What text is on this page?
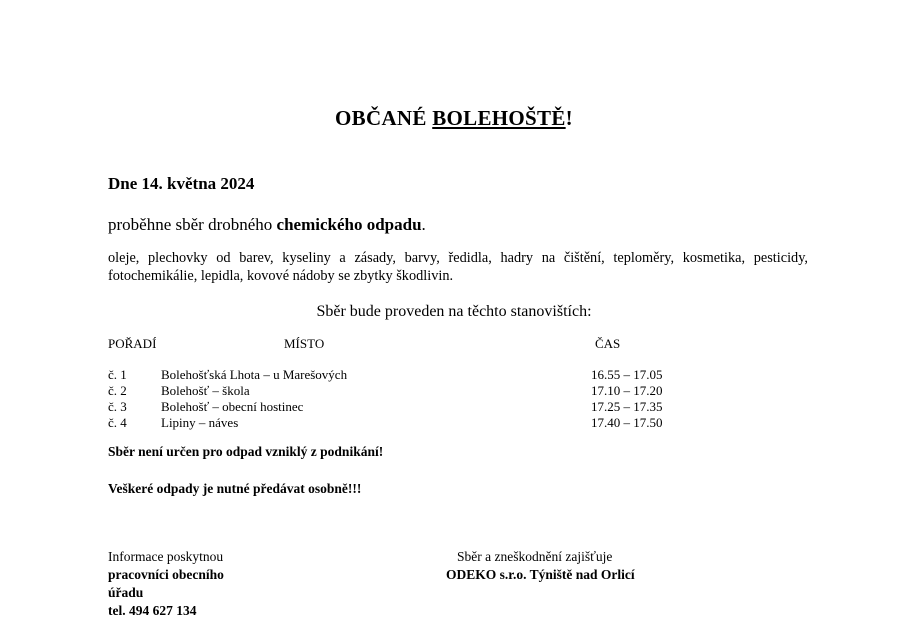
OBČANÉ BOLEHOŠTĚ!
Dne 14. května 2024
proběhne sběr drobného chemického odpadu.
oleje, plechovky od barev, kyseliny a zásady, barvy, ředidla, hadry na čištění, teploměry, kosmetika, pesticidy, fotochemikálie, lepidla, kovové nádoby se zbytky škodlivin.
Sběr bude proveden na těchto stanovištích:
POŘADÍ	MÍSTO	ČAS
č. 1	Bolehošťská Lhota – u Marešových	16.55 – 17.05
č. 2	Bolehošť – škola	17.10 – 17.20
č. 3	Bolehošť – obecní hostinec	17.25 – 17.35
č. 4	Lipiny – náves	17.40 – 17.50
Sběr není určen pro odpad vzniklý z podnikání!
Veškeré odpady je nutné předávat osobně!!!
Informace poskytnou
pracovníci obecního
úřadu
tel. 494 627 134
Sběr a zneškodnění zajišťuje
ODEKO s.r.o. Týniště nad Orlicí
